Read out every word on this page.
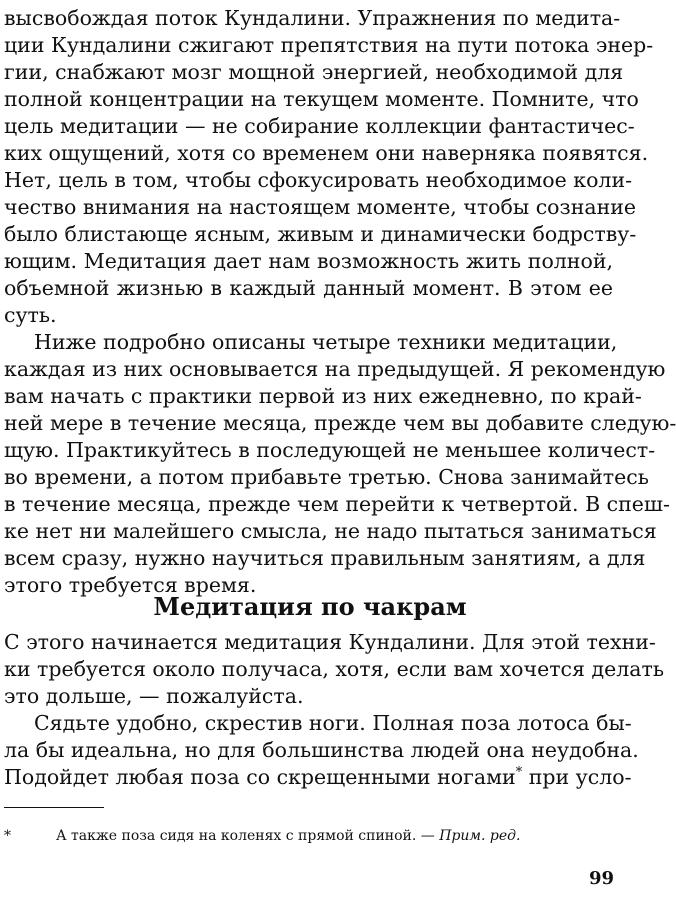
высвобождая поток Кундалини. Упражнения по медита-
ции Кундалини сжигают препятствия на пути потока энер-
гии, снабжают мозг мощной энергией, необходимой для
полной концентрации на текущем моменте. Помните, что
цель медитации — не собирание коллекции фантастичес-
ких ощущений, хотя со временем они наверняка появятся.
Нет, цель в том, чтобы сфокусировать необходимое коли-
чество внимания на настоящем моменте, чтобы сознание
было блистающе ясным, живым и динамически бодрству-
ющим. Медитация дает нам возможность жить полной,
объемной жизнью в каждый данный момент. В этом ее
суть.
Ниже подробно описаны четыре техники медитации,
каждая из них основывается на предыдущей. Я рекомендую
вам начать с практики первой из них ежедневно, по край-
ней мере в течение месяца, прежде чем вы добавите следую-
щую. Практикуйтесь в последующей не меньшее количест-
во времени, а потом прибавьте третью. Снова занимайтесь
в течение месяца, прежде чем перейти к четвертой. В спеш-
ке нет ни малейшего смысла, не надо пытаться заниматься
всем сразу, нужно научиться правильным занятиям, а для
этого требуется время.
Медитация по чакрам
С этого начинается медитация Кундалини. Для этой техни-
ки требуется около получаса, хотя, если вам хочется делать
это дольше, — пожалуйста.
Сядьте удобно, скрестив ноги. Полная поза лотоса бы-
ла бы идеальна, но для большинства людей она неудобна.
Подойдет любая поза со скрещенными ногами* при усло-
*	А также поза сидя на коленях с прямой спиной. — Прим. ред.
99
